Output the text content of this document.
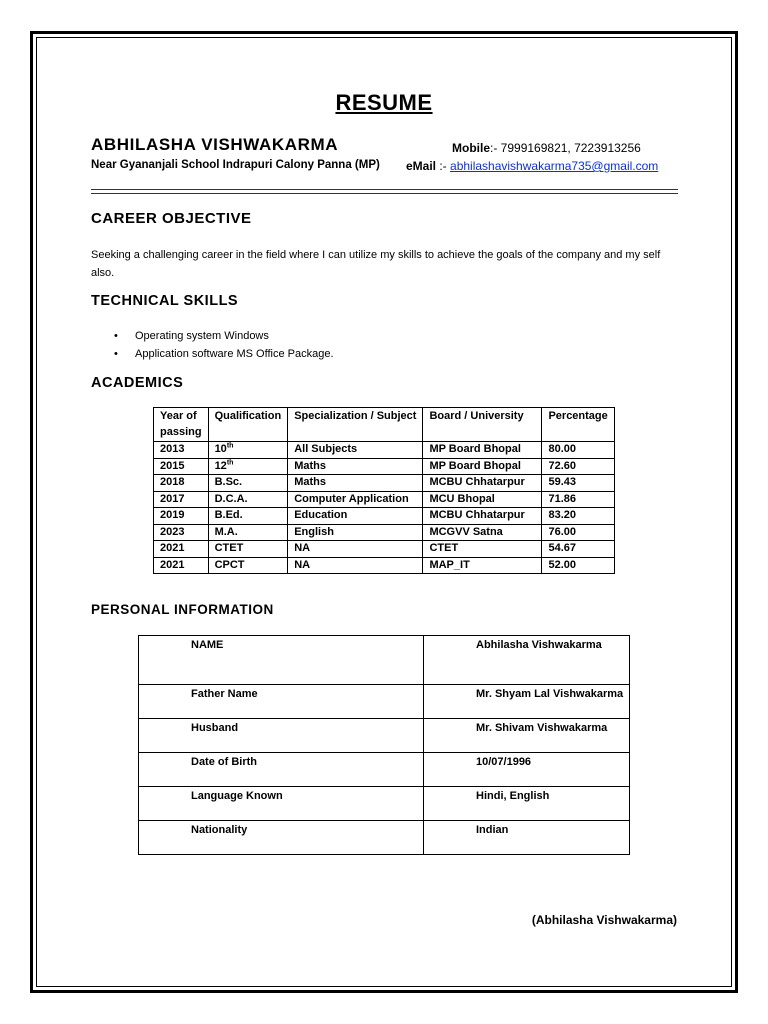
RESUME
ABHILASHA VISHWAKARMA
Near Gyananjali School Indrapuri Calony Panna (MP)
Mobile:- 7999169821, 7223913256
eMail :- abhilashavishwakarma735@gmail.com
CAREER OBJECTIVE
Seeking a challenging career in the field where I can utilize my skills to achieve the goals of the company and my self also.
TECHNICAL SKILLS
• Operating system Windows
• Application software MS Office Package.
ACADEMICS
Year of passing	Qualification	Specialization / Subject	Board / University	Percentage
2013	10th	All Subjects	MP Board Bhopal	80.00
2015	12th	Maths	MP Board Bhopal	72.60
2018	B.Sc.	Maths	MCBU Chhatarpur	59.43
2017	D.C.A.	Computer Application	MCU Bhopal	71.86
2019	B.Ed.	Education	MCBU Chhatarpur	83.20
2023	M.A.	English	MCGVV Satna	76.00
2021	CTET	NA	CTET	54.67
2021	CPCT	NA	MAP_IT	52.00
PERSONAL INFORMATION
NAME	Abhilasha Vishwakarma
Father Name	Mr. Shyam Lal Vishwakarma
Husband	Mr. Shivam Vishwakarma
Date of Birth	10/07/1996
Language Known	Hindi, English
Nationality	Indian
(Abhilasha Vishwakarma)
